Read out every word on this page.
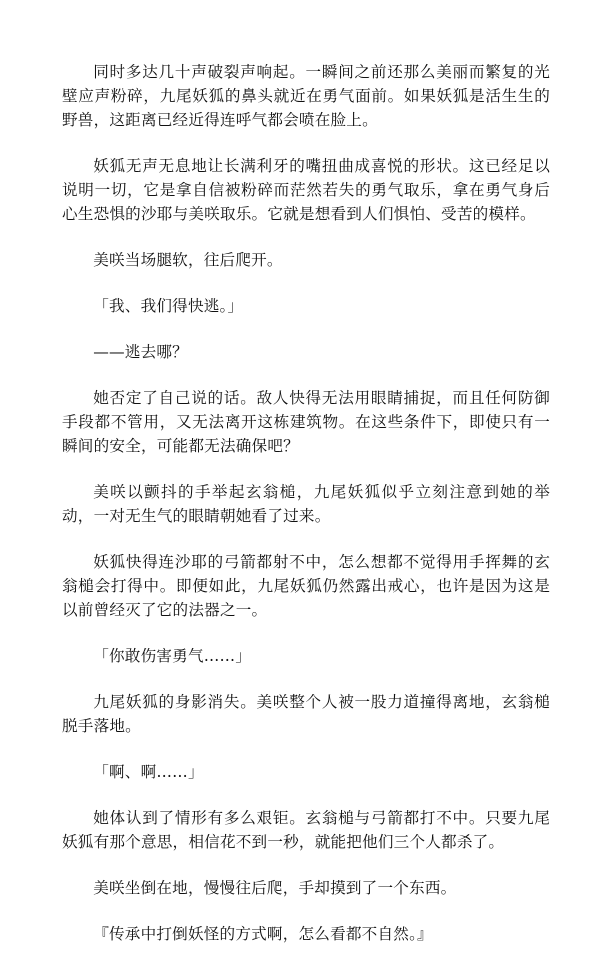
同时多达几十声破裂声响起。一瞬间之前还那么美丽而繁复的光壁应声粉碎，九尾妖狐的鼻头就近在勇气面前。如果妖狐是活生生的野兽，这距离已经近得连呼气都会喷在脸上。

妖狐无声无息地让长满利牙的嘴扭曲成喜悦的形状。这已经足以说明一切，它是拿自信被粉碎而茫然若失的勇气取乐，拿在勇气身后心生恐惧的沙耶与美咲取乐。它就是想看到人们惧怕、受苦的模样。

美咲当场腿软，往后爬开。

「我、我们得快逃。」

——逃去哪？

她否定了自己说的话。敌人快得无法用眼睛捕捉，而且任何防御手段都不管用，又无法离开这栋建筑物。在这些条件下，即使只有一瞬间的安全，可能都无法确保吧？

美咲以颤抖的手举起玄翁槌，九尾妖狐似乎立刻注意到她的举动，一对无生气的眼睛朝她看了过来。

妖狐快得连沙耶的弓箭都射不中，怎么想都不觉得用手挥舞的玄翁槌会打得中。即便如此，九尾妖狐仍然露出戒心，也许是因为这是以前曾经灭了它的法器之一。

「你敢伤害勇气……」

九尾妖狐的身影消失。美咲整个人被一股力道撞得离地，玄翁槌脱手落地。

「啊、啊……」

她体认到了情形有多么艰钜。玄翁槌与弓箭都打不中。只要九尾妖狐有那个意思，相信花不到一秒，就能把他们三个人都杀了。

美咲坐倒在地，慢慢往后爬，手却摸到了一个东西。

『传承中打倒妖怪的方式啊，怎么看都不自然。』
